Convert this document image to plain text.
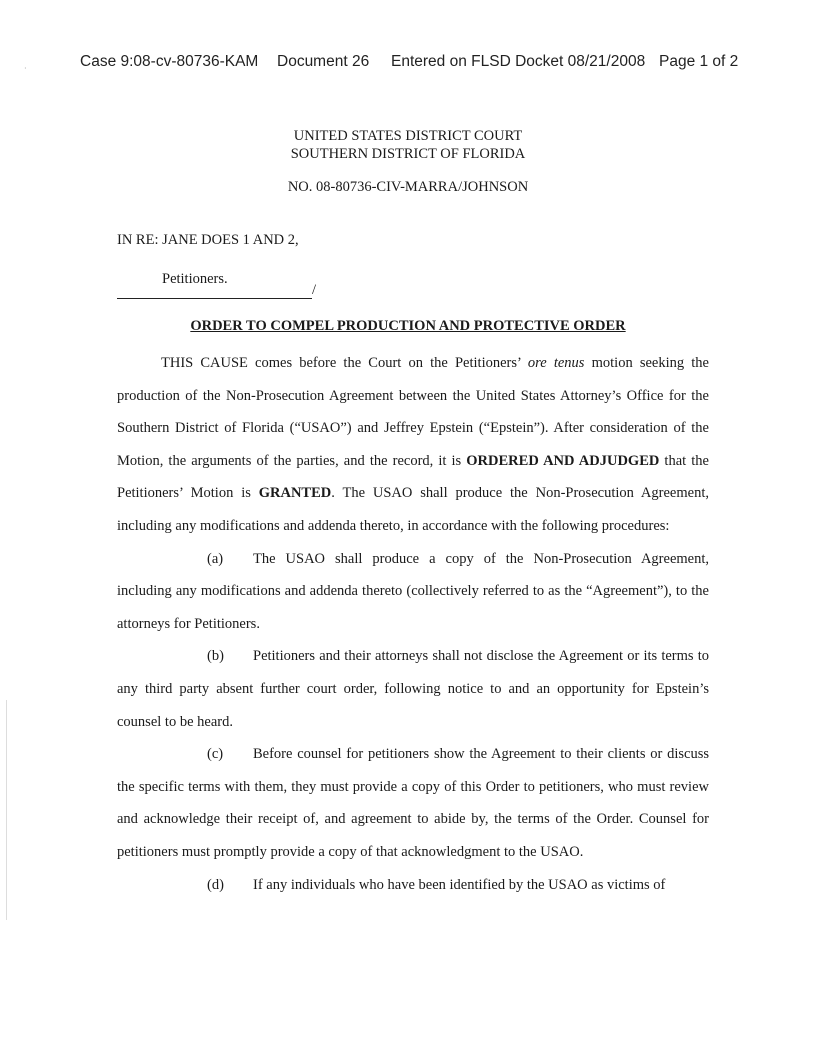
·	Case 9:08-cv-80736-KAM Document 26 Entered on FLSD Docket 08/21/2008 Page 1 of 2
UNITED STATES DISTRICT COURT
SOUTHERN DISTRICT OF FLORIDA
NO. 08-80736-CIV-MARRA/JOHNSON
IN RE: JANE DOES 1 AND 2,
Petitioners.
/
ORDER TO COMPEL PRODUCTION AND PROTECTIVE ORDER

THIS CAUSE comes before the Court on the Petitioners’ ore tenus motion seeking the production of the Non-Prosecution Agreement between the United States Attorney’s Office for the Southern District of Florida (“USAO”) and Jeffrey Epstein (“Epstein”). After consideration of the Motion, the arguments of the parties, and the record, it is ORDERED AND ADJUDGED that the Petitioners’ Motion is GRANTED. The USAO shall produce the Non-Prosecution Agreement, including any modifications and addenda thereto, in accordance with the following procedures:

(a) The USAO shall produce a copy of the Non-Prosecution Agreement, including any modifications and addenda thereto (collectively referred to as the “Agreement”), to the attorneys for Petitioners.

(b) Petitioners and their attorneys shall not disclose the Agreement or its terms to any third party absent further court order, following notice to and an opportunity for Epstein’s counsel to be heard.

(c) Before counsel for petitioners show the Agreement to their clients or discuss the specific terms with them, they must provide a copy of this Order to petitioners, who must review and acknowledge their receipt of, and agreement to abide by, the terms of the Order. Counsel for petitioners must promptly provide a copy of that acknowledgment to the USAO.

(d) If any individuals who have been identified by the USAO as victims of
